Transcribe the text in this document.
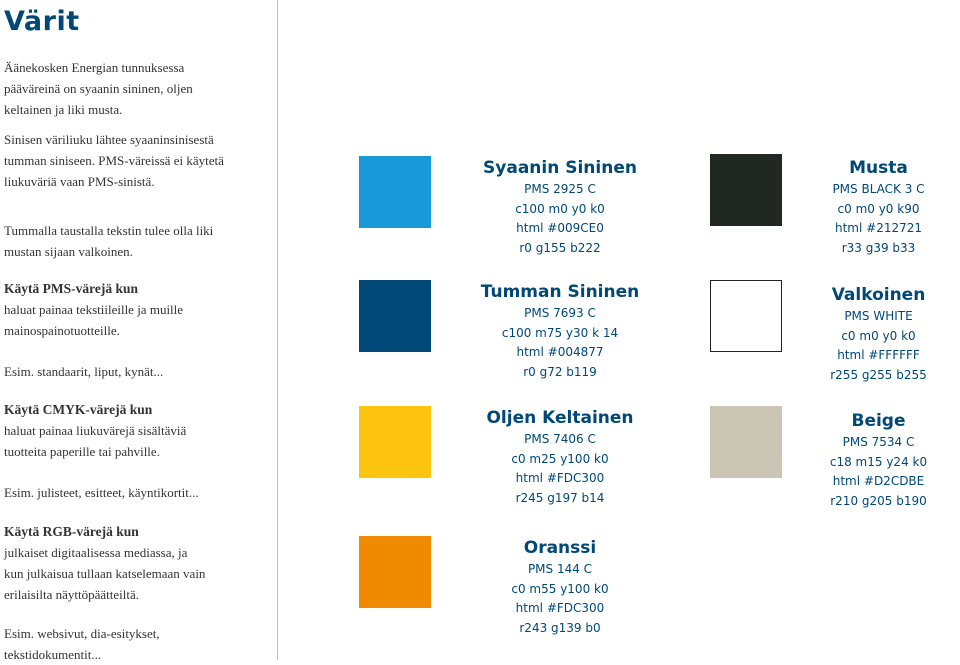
Värit

Äänekosken Energian tunnuksessa

pääväreinä on syaanin sininen, oljen

keltainen ja liki musta.

Sinisen väriliuku lähtee syaaninsinisestä

tumman siniseen. PMS-väreissä ei käytetä

liukuväriä vaan PMS-sinistä.

Tummalla taustalla tekstin tulee olla liki

mustan sijaan valkoinen.

Käytä PMS-värejä kun

haluat painaa tekstiileille ja muille

mainospainotuotteille.

Esim. standaarit, liput, kynät...

Käytä CMYK-värejä kun

haluat painaa liukuvärejä sisältäviä

tuotteita paperille tai pahville.

Esim. julisteet, esitteet, käyntikortit...

Käytä RGB-värejä kun

julkaiset digitaalisessa mediassa, ja

kun julkaisua tullaan katselemaan vain

erilaisilta näyttöpäätteiltä.

Esim. websivut, dia-esitykset,

tekstidokumentit...

Syaanin Sininen
PMS 2925 C
c100 m0 y0 k0
html #009CE0
r0 g155 b222
Tumman Sininen
PMS 7693 C
c100 m75 y30 k 14
html #004877
r0 g72 b119
Oljen Keltainen
PMS 7406 C
c0 m25 y100 k0
html #FDC300
r245 g197 b14
Oranssi
PMS 144 C
c0 m55 y100 k0
html #FDC300
r243 g139 b0
Musta
PMS BLACK 3 C
c0 m0 y0 k90
html #212721
r33 g39 b33
Valkoinen
PMS WHITE
c0 m0 y0 k0
html #FFFFFF
r255 g255 b255
Beige
PMS 7534 C
c18 m15 y24 k0
html #D2CDBE
r210 g205 b190
